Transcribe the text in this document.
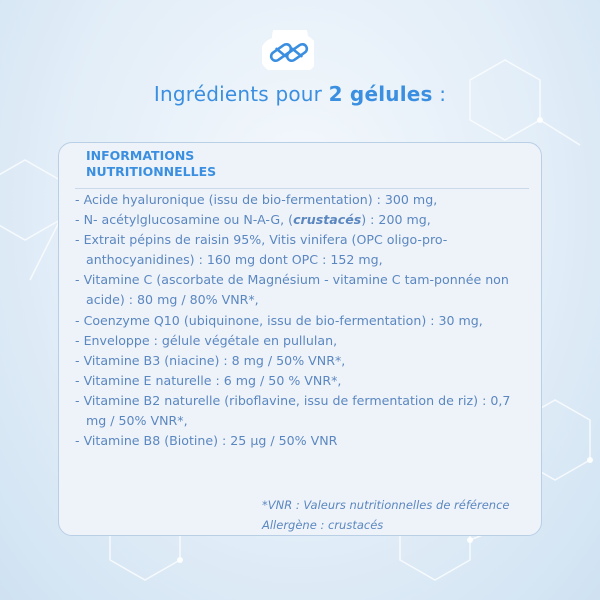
Ingrédients pour 2 gélules :
INFORMATIONS
NUTRITIONNELLES
- Acide hyaluronique (issu de bio-fermentation) : 300 mg,
- N- acétylglucosamine ou N-A-G, (crustacés) : 200 mg,
- Extrait pépins de raisin 95%, Vitis vinifera (OPC oligo-pro-anthocyanidines) : 160 mg dont OPC : 152 mg,
- Vitamine C (ascorbate de Magnésium - vitamine C tam-ponnée non acide) : 80 mg / 80% VNR*,
- Coenzyme Q10 (ubiquinone, issu de bio-fermentation) : 30 mg,
- Enveloppe : gélule végétale en pullulan,
- Vitamine B3 (niacine) : 8 mg / 50% VNR*,
- Vitamine E naturelle : 6 mg / 50 % VNR*,
- Vitamine B2 naturelle (riboflavine, issu de fermentation de riz) : 0,7 mg / 50% VNR*,
- Vitamine B8 (Biotine) : 25 µg / 50% VNR
*VNR : Valeurs nutritionnelles de référence
Allergène : crustacés
